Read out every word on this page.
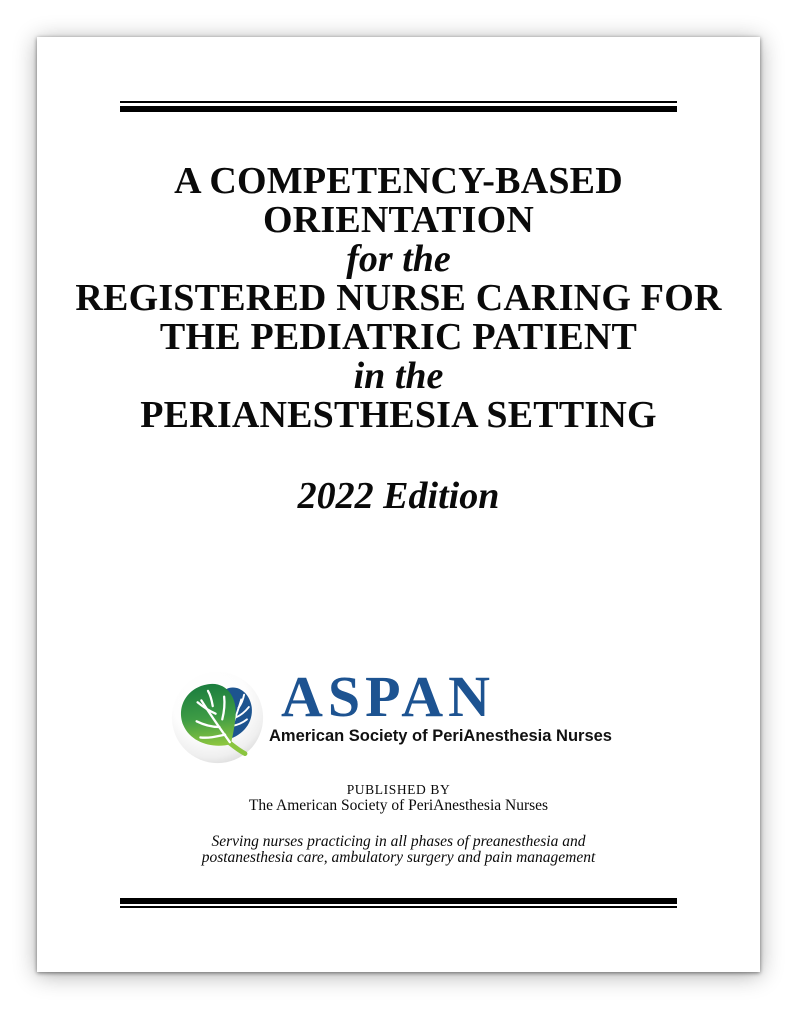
A COMPETENCY-BASED
ORIENTATION
for the
REGISTERED NURSE CARING FOR
THE PEDIATRIC PATIENT
in the
PERIANESTHESIA SETTING
2022 Edition
ASPAN
American Society of PeriAnesthesia Nurses
PUBLISHED BY
The American Society of PeriAnesthesia Nurses
Serving nurses practicing in all phases of preanesthesia and
postanesthesia care, ambulatory surgery and pain management
